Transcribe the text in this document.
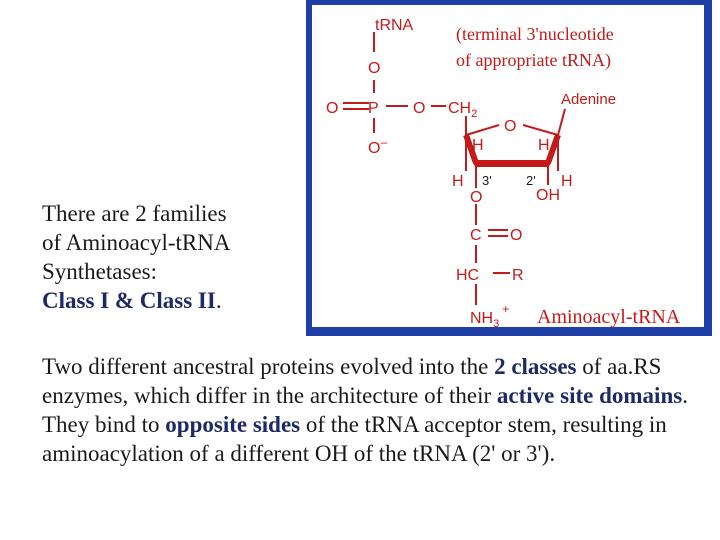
There are 2 families
of Aminoacyl-tRNA
Synthetases:
Class I & Class II.
tRNA
O
O P O $CH_2$
O–
O
H	H
H 3'	2' H
OH
O
C O
HC R
$NH_3^+$
Adenine
(terminal 3'nucleotide
of appropriate tRNA)
Aminoacyl-tRNA
Two different ancestral proteins evolved into the 2 classes of aa.RS enzymes, which differ in the architecture of their active site domains. They bind to opposite sides of the tRNA acceptor stem, resulting in aminoacylation of a different OH of the tRNA (2' or 3').
